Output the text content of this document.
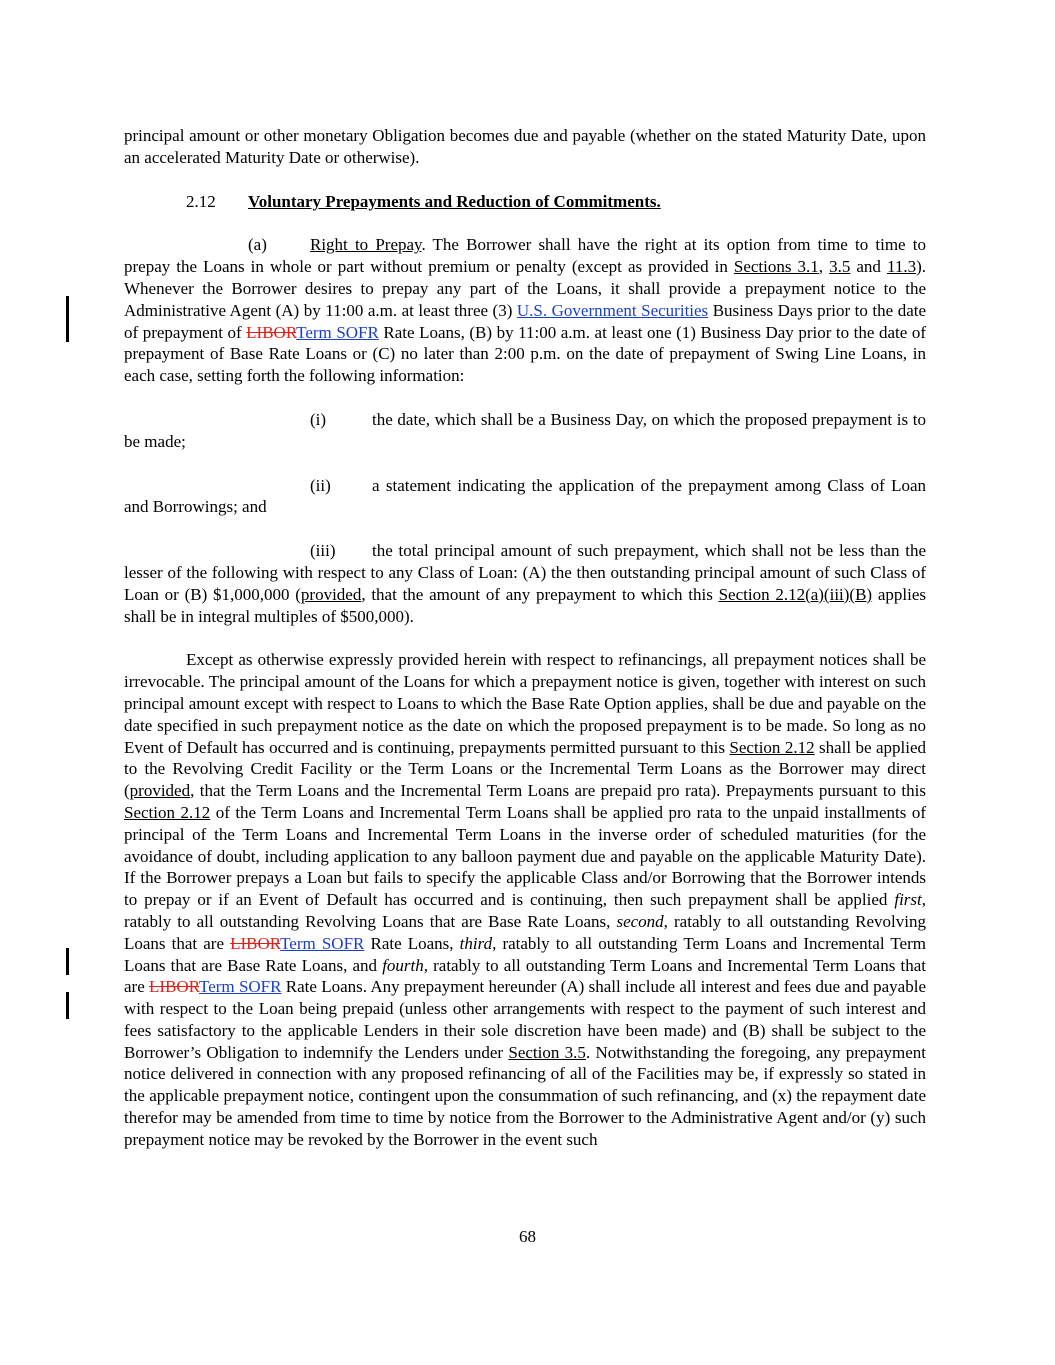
principal amount or other monetary Obligation becomes due and payable (whether on the stated Maturity Date, upon an accelerated Maturity Date or otherwise).

2.12 Voluntary Prepayments and Reduction of Commitments.

(a)	Right to Prepay. The Borrower shall have the right at its option from time to time to prepay the Loans in whole or part without premium or penalty (except as provided in Sections 3.1, 3.5 and 11.3). Whenever the Borrower desires to prepay any part of the Loans, it shall provide a prepayment notice to the Administrative Agent (A) by 11:00 a.m. at least three (3) U.S. Government Securities Business Days prior to the date of prepayment of LIBORTerm SOFR Rate Loans, (B) by 11:00 a.m. at least one (1) Business Day prior to the date of prepayment of Base Rate Loans or (C) no later than 2:00 p.m. on the date of prepayment of Swing Line Loans, in each case, setting forth the following information:

(i)	the date, which shall be a Business Day, on which the proposed prepayment is to be made;

(ii) a statement indicating the application of the prepayment among Class of Loan and Borrowings; and

(iii) the total principal amount of such prepayment, which shall not be less than the lesser of the following with respect to any Class of Loan: (A) the then outstanding principal amount of such Class of Loan or (B) $1,000,000 (provided, that the amount of any prepayment to which this Section 2.12(a)(iii)(B) applies shall be in integral multiples of $500,000).

Except as otherwise expressly provided herein with respect to refinancings, all prepayment notices shall be irrevocable. The principal amount of the Loans for which a prepayment notice is given, together with interest on such principal amount except with respect to Loans to which the Base Rate Option applies, shall be due and payable on the date specified in such prepayment notice as the date on which the proposed prepayment is to be made. So long as no Event of Default has occurred and is continuing, prepayments permitted pursuant to this Section 2.12 shall be applied to the Revolving Credit Facility or the Term Loans or the Incremental Term Loans as the Borrower may direct (provided, that the Term Loans and the Incremental Term Loans are prepaid pro rata). Prepayments pursuant to this Section 2.12 of the Term Loans and Incremental Term Loans shall be applied pro rata to the unpaid installments of principal of the Term Loans and Incremental Term Loans in the inverse order of scheduled maturities (for the avoidance of doubt, including application to any balloon payment due and payable on the applicable Maturity Date). If the Borrower prepays a Loan but fails to specify the applicable Class and/or Borrowing that the Borrower intends to prepay or if an Event of Default has occurred and is continuing, then such prepayment shall be applied first, ratably to all outstanding Revolving Loans that are Base Rate Loans, second, ratably to all outstanding Revolving Loans that are LIBORTerm SOFR Rate Loans, third, ratably to all outstanding Term Loans and Incremental Term Loans that are Base Rate Loans, and fourth, ratably to all outstanding Term Loans and Incremental Term Loans that are LIBORTerm SOFR Rate Loans. Any prepayment hereunder (A) shall include all interest and fees due and payable with respect to the Loan being prepaid (unless other arrangements with respect to the payment of such interest and fees satisfactory to the applicable Lenders in their sole discretion have been made) and (B) shall be subject to the Borrower’s Obligation to indemnify the Lenders under Section 3.5. Notwithstanding the foregoing, any prepayment notice delivered in connection with any proposed refinancing of all of the Facilities may be, if expressly so stated in the applicable prepayment notice, contingent upon the consummation of such refinancing, and (x) the repayment date therefor may be amended from time to time by notice from the Borrower to the Administrative Agent and/or (y) such prepayment notice may be revoked by the Borrower in the event such

68
